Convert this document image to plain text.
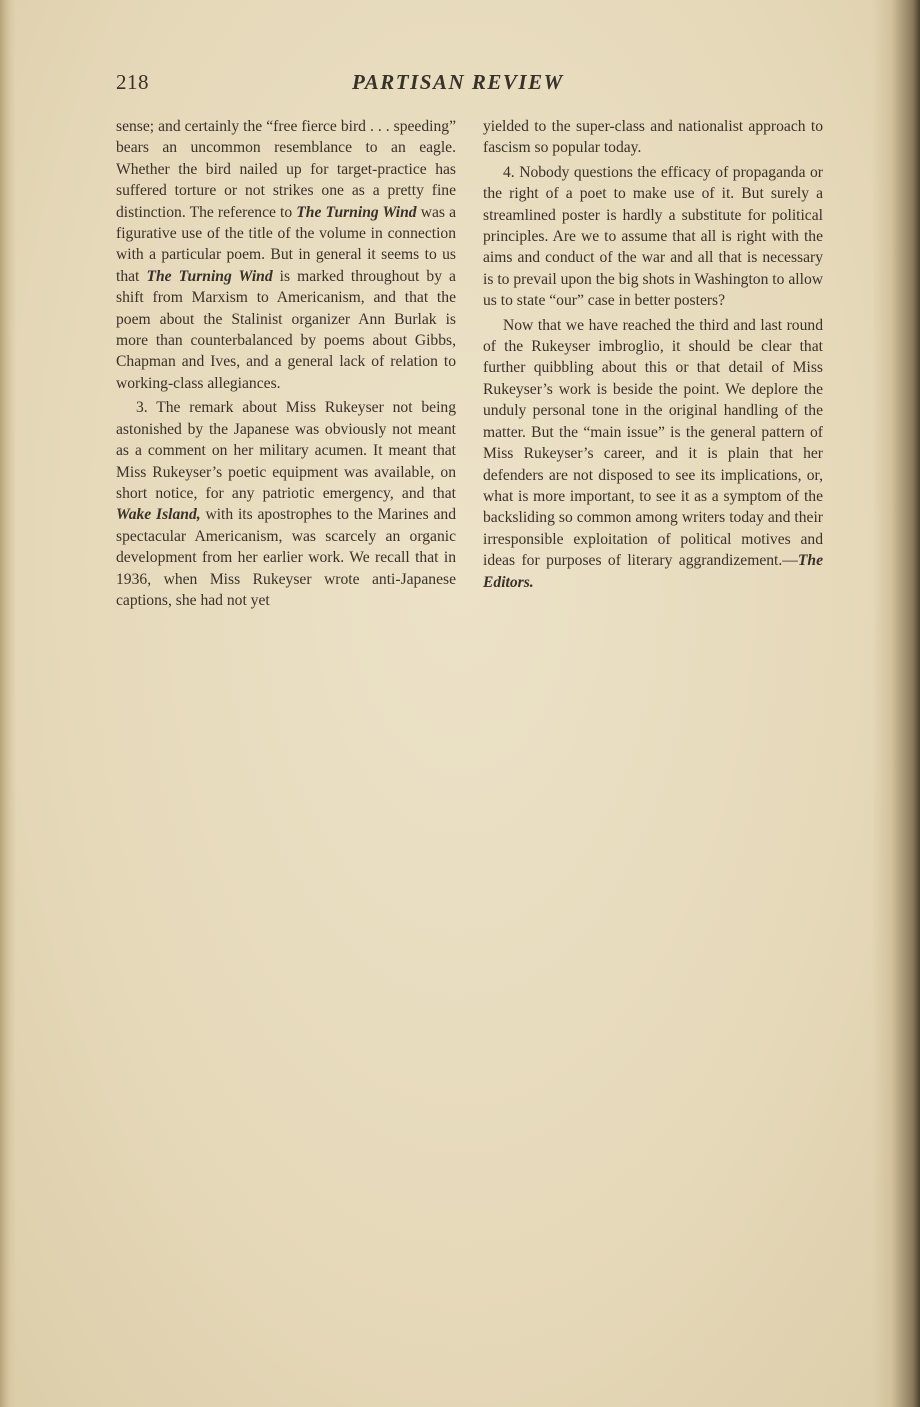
218	PARTISAN REVIEW

sense; and certainly the “free fierce bird . . . speeding” bears an uncommon resemblance to an eagle. Whether the bird nailed up for target-practice has suffered torture or not strikes one as a pretty fine distinction. The reference to The Turning Wind was a figurative use of the title of the volume in connection with a particular poem. But in general it seems to us that The Turning Wind is marked throughout by a shift from Marxism to Americanism, and that the poem about the Stalinist organizer Ann Burlak is more than counterbalanced by poems about Gibbs, Chapman and Ives, and a general lack of relation to working-class allegiances.

3. The remark about Miss Rukeyser not being astonished by the Japanese was obviously not meant as a comment on her military acumen. It meant that Miss Rukeyser’s poetic equipment was available, on short notice, for any patriotic emergency, and that Wake Island, with its apostrophes to the Marines and spectacular Americanism, was scarcely an organic development from her earlier work. We recall that in 1936, when Miss Rukeyser wrote anti-Japanese captions, she had not yet

yielded to the super-class and nationalist approach to fascism so popular today.

4. Nobody questions the efficacy of propaganda or the right of a poet to make use of it. But surely a streamlined poster is hardly a substitute for political principles. Are we to assume that all is right with the aims and conduct of the war and all that is necessary is to prevail upon the big shots in Washington to allow us to state “our” case in better posters?

Now that we have reached the third and last round of the Rukeyser imbroglio, it should be clear that further quibbling about this or that detail of Miss Rukeyser’s work is beside the point. We deplore the unduly personal tone in the original handling of the matter. But the “main issue” is the general pattern of Miss Rukeyser’s career, and it is plain that her defenders are not disposed to see its implications, or, what is more important, to see it as a symptom of the backsliding so common among writers today and their irresponsible exploitation of political motives and ideas for purposes of literary aggrandizement.—The Editors.
